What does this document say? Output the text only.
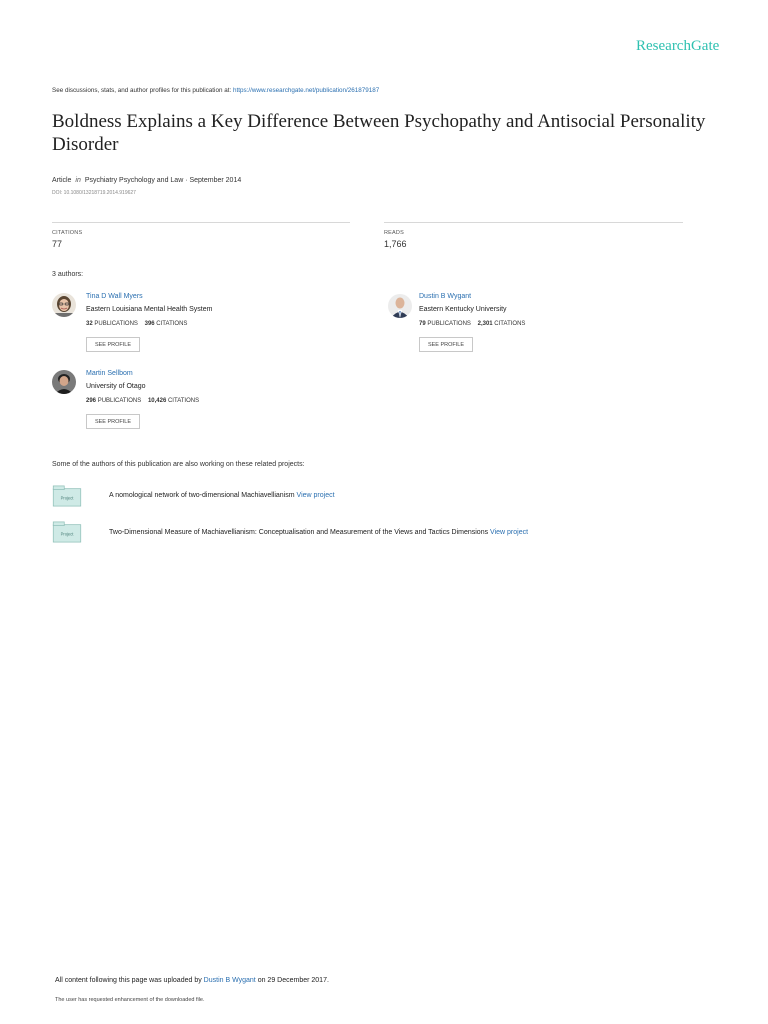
ResearchGate
See discussions, stats, and author profiles for this publication at: https://www.researchgate.net/publication/261879187
Boldness Explains a Key Difference Between Psychopathy and Antisocial Personality Disorder
Article in Psychiatry Psychology and Law · September 2014
DOI: 10.1080/13218719.2014.919627
CITATIONS
77
READS
1,766
3 authors:
Tina D Wall Myers
Eastern Louisiana Mental Health System
32 PUBLICATIONS 396 CITATIONS
SEE PROFILE
Dustin B Wygant
Eastern Kentucky University
79 PUBLICATIONS 2,301 CITATIONS
SEE PROFILE
Martin Sellbom
University of Otago
296 PUBLICATIONS 10,426 CITATIONS
SEE PROFILE
Some of the authors of this publication are also working on these related projects:
Project	A nomological network of two-dimensional Machiavellianism View project
Project	Two-Dimensional Measure of Machiavellianism: Conceptualisation and Measurement of the Views and Tactics Dimensions View project
All content following this page was uploaded by Dustin B Wygant on 29 December 2017.
The user has requested enhancement of the downloaded file.
